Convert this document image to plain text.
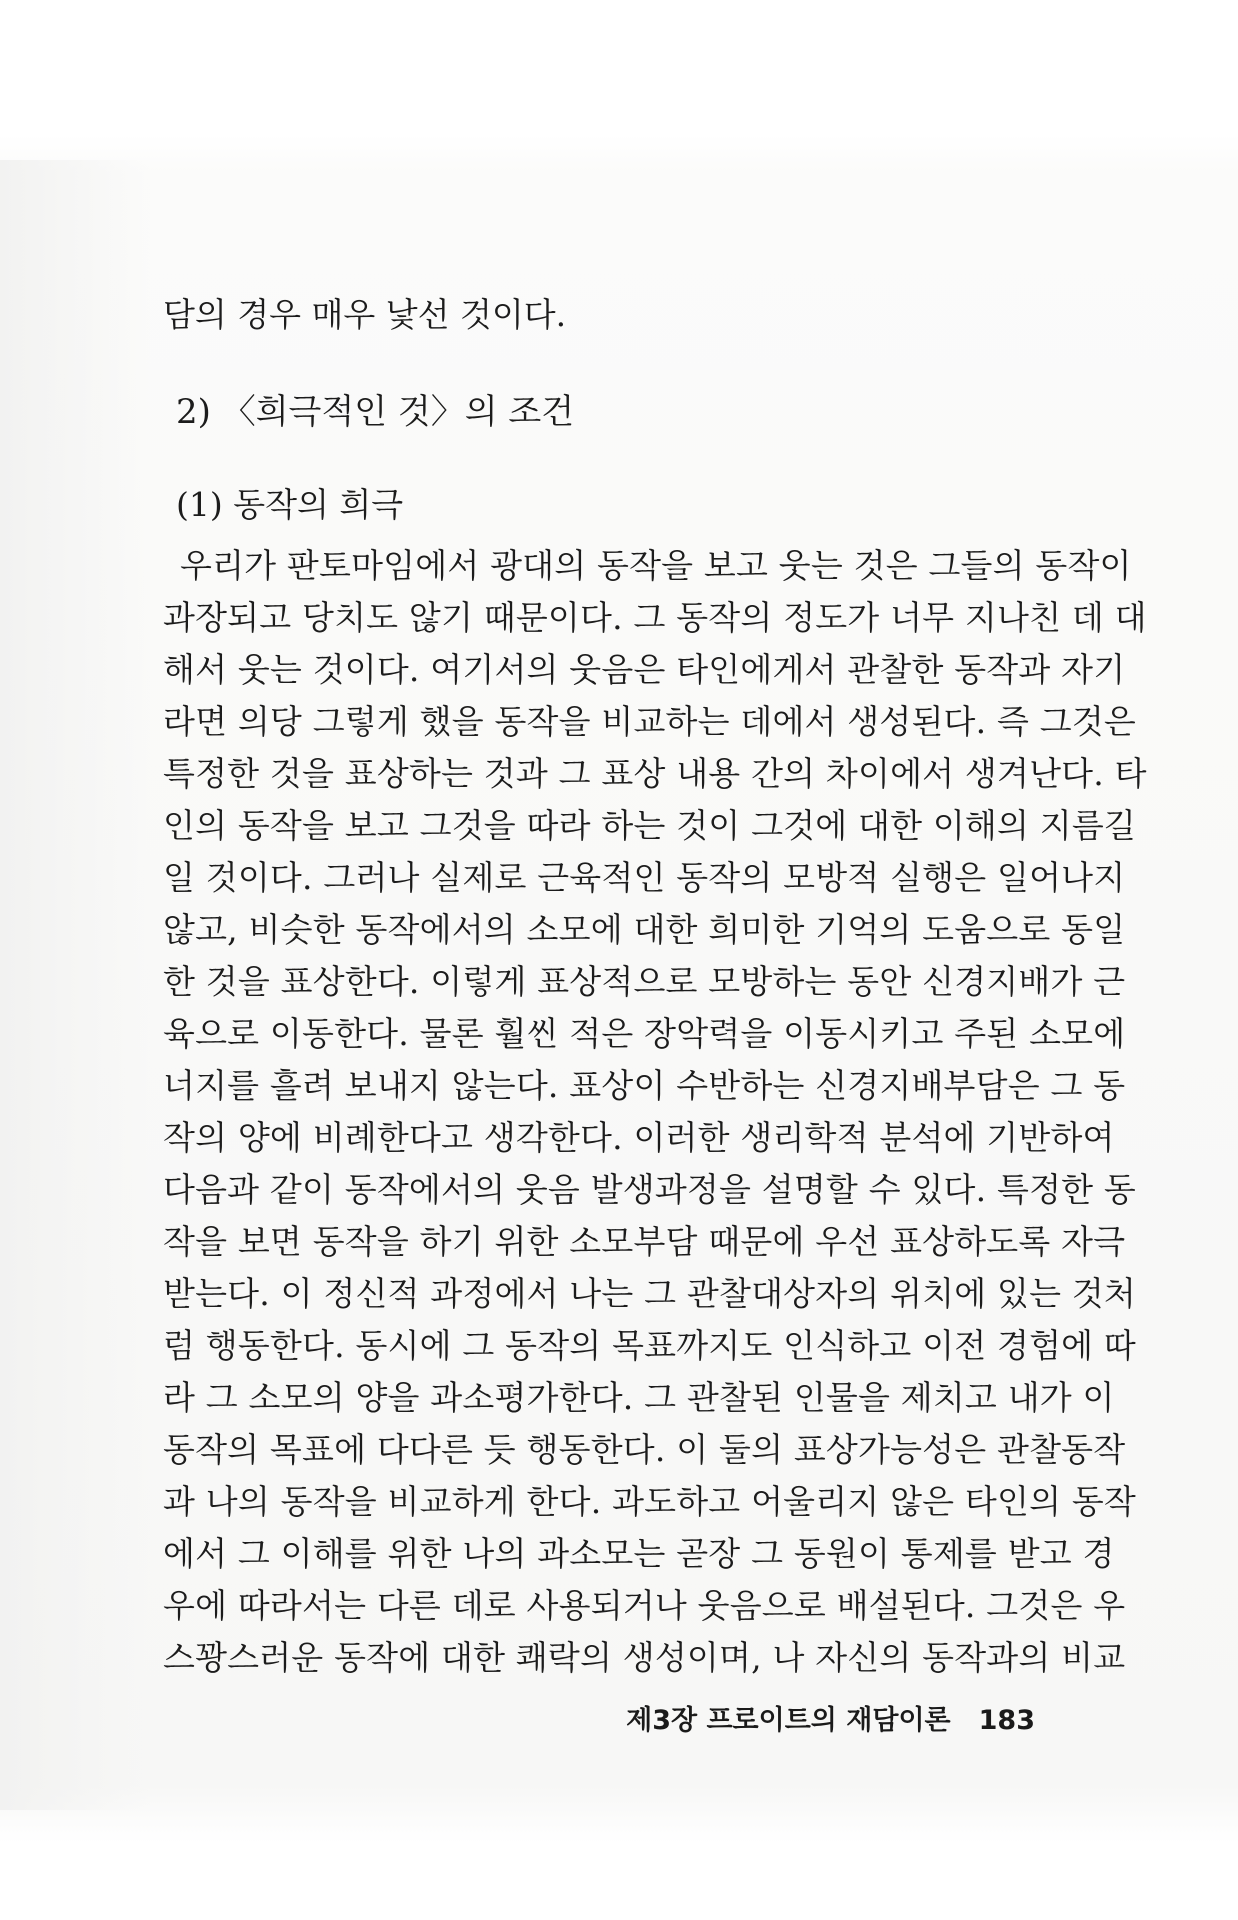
담의 경우 매우 낯선 것이다.
2) 〈희극적인 것〉의 조건
(1) 동작의 희극
우리가 판토마임에서 광대의 동작을 보고 웃는 것은 그들의 동작이
과장되고 당치도 않기 때문이다. 그 동작의 정도가 너무 지나친 데 대
해서 웃는 것이다. 여기서의 웃음은 타인에게서 관찰한 동작과 자기
라면 의당 그렇게 했을 동작을 비교하는 데에서 생성된다. 즉 그것은
특정한 것을 표상하는 것과 그 표상 내용 간의 차이에서 생겨난다. 타
인의 동작을 보고 그것을 따라 하는 것이 그것에 대한 이해의 지름길
일 것이다. 그러나 실제로 근육적인 동작의 모방적 실행은 일어나지
않고, 비슷한 동작에서의 소모에 대한 희미한 기억의 도움으로 동일
한 것을 표상한다. 이렇게 표상적으로 모방하는 동안 신경지배가 근
육으로 이동한다. 물론 훨씬 적은 장악력을 이동시키고 주된 소모에
너지를 흘려 보내지 않는다. 표상이 수반하는 신경지배부담은 그 동
작의 양에 비례한다고 생각한다. 이러한 생리학적 분석에 기반하여
다음과 같이 동작에서의 웃음 발생과정을 설명할 수 있다. 특정한 동
작을 보면 동작을 하기 위한 소모부담 때문에 우선 표상하도록 자극
받는다. 이 정신적 과정에서 나는 그 관찰대상자의 위치에 있는 것처
럼 행동한다. 동시에 그 동작의 목표까지도 인식하고 이전 경험에 따
라 그 소모의 양을 과소평가한다. 그 관찰된 인물을 제치고 내가 이
동작의 목표에 다다른 듯 행동한다. 이 둘의 표상가능성은 관찰동작
과 나의 동작을 비교하게 한다. 과도하고 어울리지 않은 타인의 동작
에서 그 이해를 위한 나의 과소모는 곧장 그 동원이 통제를 받고 경
우에 따라서는 다른 데로 사용되거나 웃음으로 배설된다. 그것은 우
스꽝스러운 동작에 대한 쾌락의 생성이며, 나 자신의 동작과의 비교
제3장 프로이트의 재담이론 183
